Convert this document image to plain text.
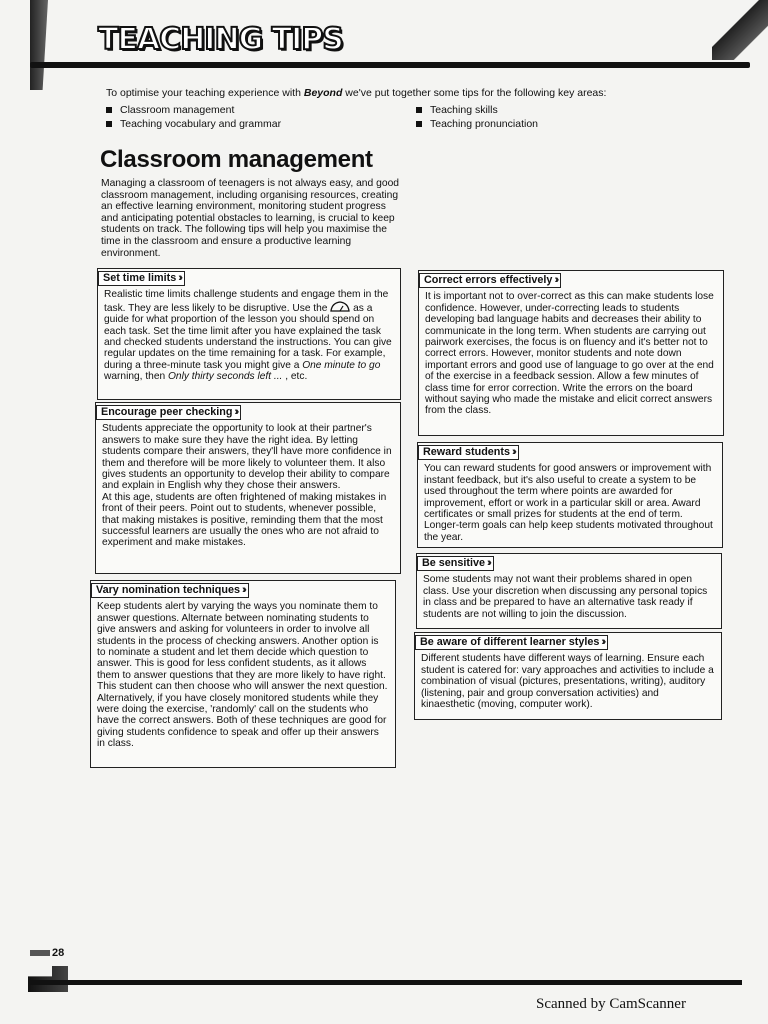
TEACHING TIPS
To optimise your teaching experience with Beyond we've put together some tips for the following key areas:
Classroom management	Teaching skills
Teaching vocabulary and grammar	Teaching pronunciation
Classroom management
Managing a classroom of teenagers is not always easy, and good classroom management, including organising resources, creating an effective learning environment, monitoring student progress and anticipating potential obstacles to learning, is crucial to keep students on track. The following tips will help you maximise the time in the classroom and ensure a productive learning environment.
Set time limits ›››
Realistic time limits challenge students and engage them in the task. They are less likely to be disruptive. Use the  as a guide for what proportion of the lesson you should spend on each task. Set the time limit after you have explained the task and checked students understand the instructions. You can give regular updates on the time remaining for a task. For example, during a three-minute task you might give a One minute to go warning, then Only thirty seconds left ... , etc.
Encourage peer checking ›››

Students appreciate the opportunity to look at their partner's answers to make sure they have the right idea. By letting students compare their answers, they'll have more confidence in them and therefore will be more likely to volunteer them. It also gives students an opportunity to develop their ability to compare and explain in English why they chose their answers.

At this age, students are often frightened of making mistakes in front of their peers. Point out to students, whenever possible, that making mistakes is positive, reminding them that the most successful learners are usually the ones who are not afraid to experiment and make mistakes.

Vary nomination techniques ›››
Keep students alert by varying the ways you nominate them to answer questions. Alternate between nominating students to give answers and asking for volunteers in order to involve all students in the process of checking answers. Another option is to nominate a student and let them decide which question to answer. This is good for less confident students, as it allows them to answer questions that they are more likely to have right. This student can then choose who will answer the next question. Alternatively, if you have closely monitored students while they were doing the exercise, 'randomly' call on the students who have the correct answers. Both of these techniques are good for giving students confidence to speak and offer up their answers in class.
Correct errors effectively ›››
It is important not to over-correct as this can make students lose confidence. However, under-correcting leads to students developing bad language habits and decreases their ability to communicate in the long term. When students are carrying out pairwork exercises, the focus is on fluency and it's better not to correct errors. However, monitor students and note down important errors and good use of language to go over at the end of the exercise in a feedback session. Allow a few minutes of class time for error correction. Write the errors on the board without saying who made the mistake and elicit correct answers from the class.
Reward students ›››
You can reward students for good answers or improvement with instant feedback, but it's also useful to create a system to be used throughout the term where points are awarded for improvement, effort or work in a particular skill or area. Award certificates or small prizes for students at the end of term. Longer-term goals can help keep students motivated throughout the year.
Be sensitive ›››
Some students may not want their problems shared in open class. Use your discretion when discussing any personal topics in class and be prepared to have an alternative task ready if students are not willing to join the discussion.
Be aware of different learner styles ›››
Different students have different ways of learning. Ensure each student is catered for: vary approaches and activities to include a combination of visual (pictures, presentations, writing), auditory (listening, pair and group conversation activities) and kinaesthetic (moving, computer work).
28
Scanned by CamScanner
